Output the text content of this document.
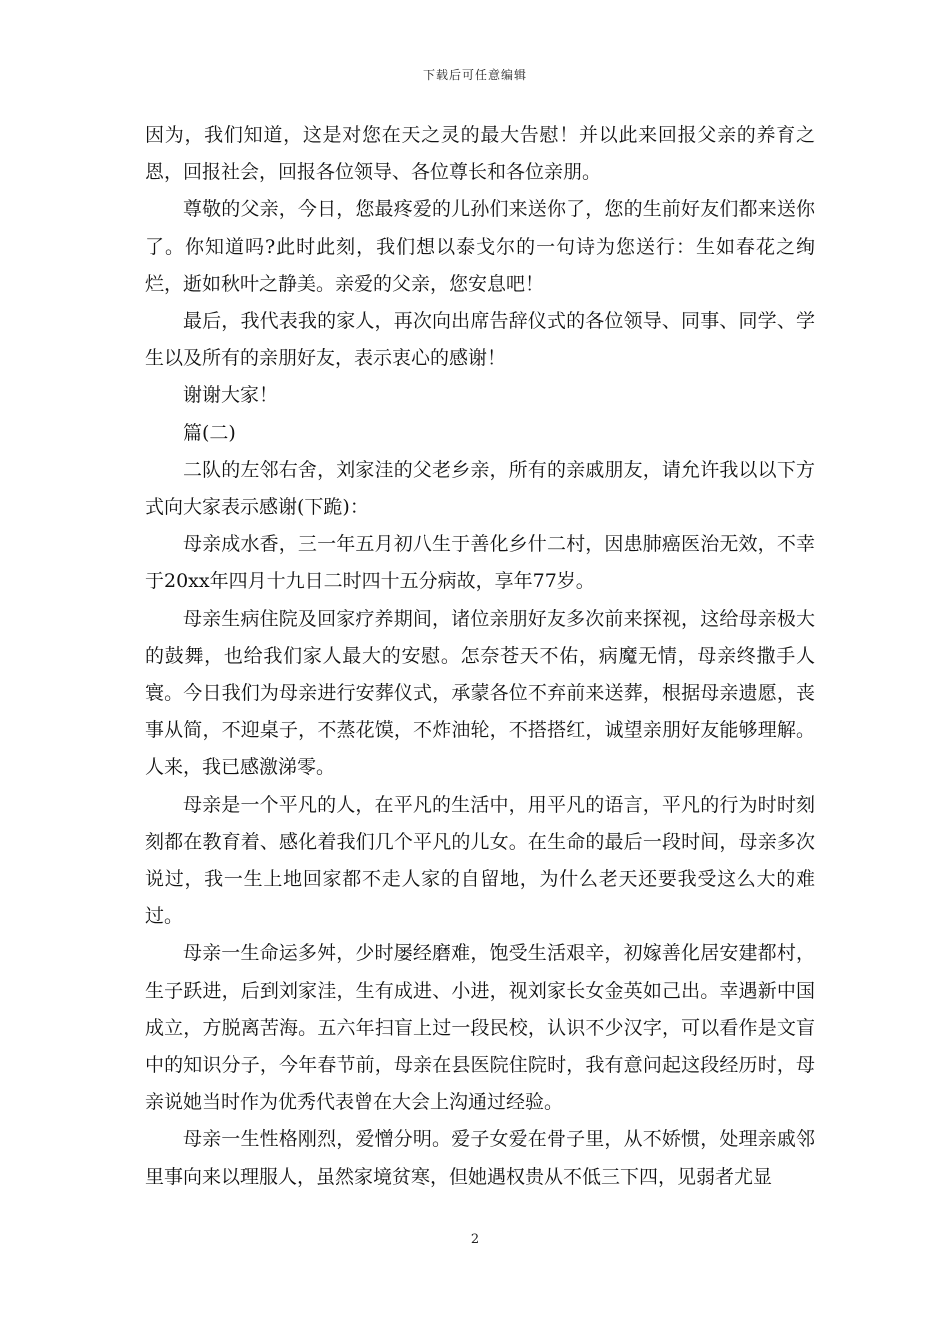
下载后可任意编辑

因为，我们知道，这是对您在天之灵的最大告慰！并以此来回报父亲的养育之恩，回报社会，回报各位领导、各位尊长和各位亲朋。

尊敬的父亲，今日，您最疼爱的儿孙们来送你了，您的生前好友们都来送你了。你知道吗?此时此刻，我们想以泰戈尔的一句诗为您送行：生如春花之绚烂，逝如秋叶之静美。亲爱的父亲，您安息吧！

最后，我代表我的家人，再次向出席告辞仪式的各位领导、同事、同学、学生以及所有的亲朋好友，表示衷心的感谢！

谢谢大家！

篇(二)

二队的左邻右舍，刘家洼的父老乡亲，所有的亲戚朋友，请允许我以以下方式向大家表示感谢(下跪)：

母亲成水香，三一年五月初八生于善化乡什二村，因患肺癌医治无效，不幸于20xx年四月十九日二时四十五分病故，享年77岁。

母亲生病住院及回家疗养期间，诸位亲朋好友多次前来探视，这给母亲极大的鼓舞，也给我们家人最大的安慰。怎奈苍天不佑，病魔无情，母亲终撒手人寰。今日我们为母亲进行安葬仪式，承蒙各位不弃前来送葬，根据母亲遗愿，丧事从简，不迎桌子，不蒸花馍，不炸油轮，不搭搭红，诚望亲朋好友能够理解。人来，我已感激涕零。

母亲是一个平凡的人，在平凡的生活中，用平凡的语言，平凡的行为时时刻刻都在教育着、感化着我们几个平凡的儿女。在生命的最后一段时间，母亲多次说过，我一生上地回家都不走人家的自留地，为什么老天还要我受这么大的难过。

母亲一生命运多舛，少时屡经磨难，饱受生活艰辛，初嫁善化居安建都村，生子跃进，后到刘家洼，生有成进、小进，视刘家长女金英如己出。幸遇新中国成立，方脱离苦海。五六年扫盲上过一段民校，认识不少汉字，可以看作是文盲中的知识分子，今年春节前，母亲在县医院住院时，我有意问起这段经历时，母亲说她当时作为优秀代表曾在大会上沟通过经验。

母亲一生性格刚烈，爱憎分明。爱子女爱在骨子里，从不娇惯，处理亲戚邻里事向来以理服人，虽然家境贫寒，但她遇权贵从不低三下四，见弱者尤显

2
